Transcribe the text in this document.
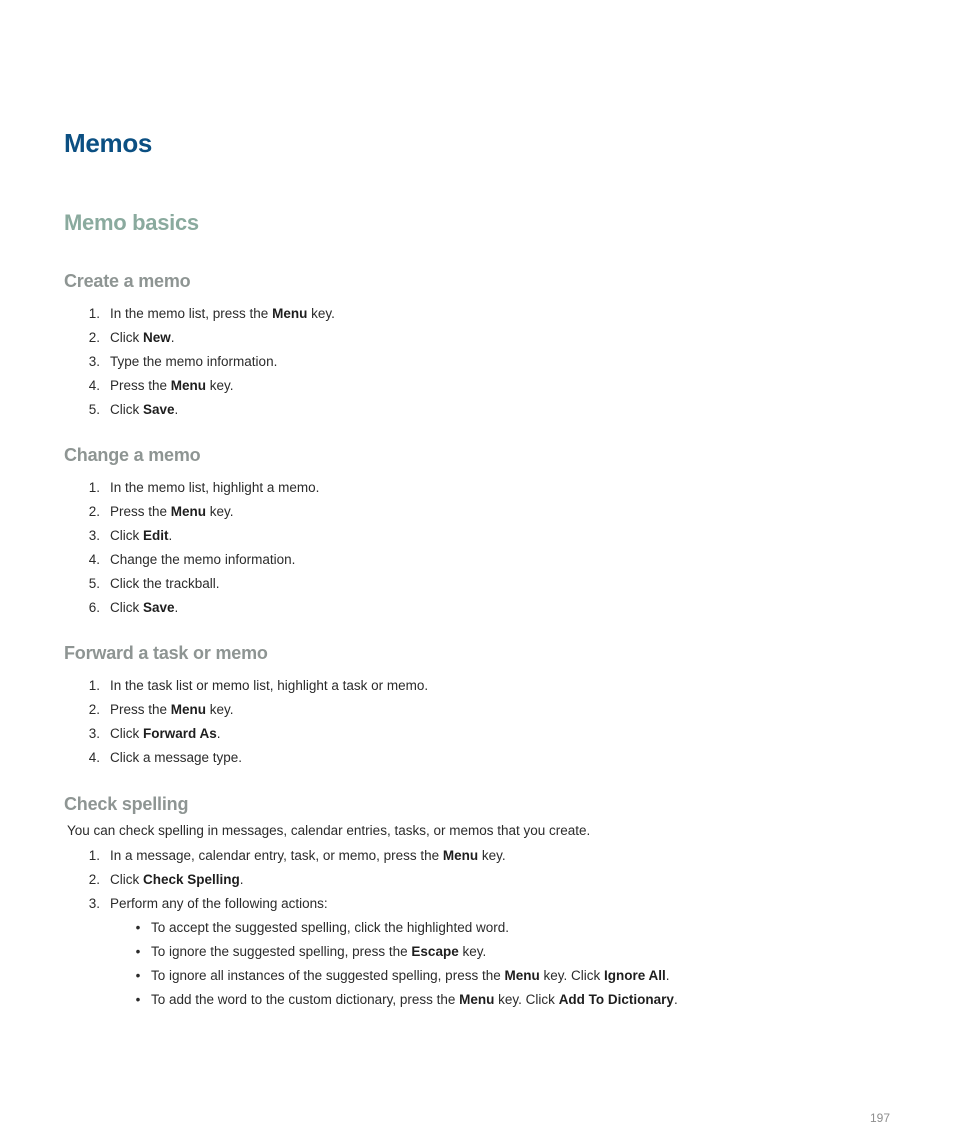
Memos
Memo basics
Create a memo
1. In the memo list, press the Menu key.
2. Click New.
3. Type the memo information.
4. Press the Menu key.
5. Click Save.
Change a memo
1. In the memo list, highlight a memo.
2. Press the Menu key.
3. Click Edit.
4. Change the memo information.
5. Click the trackball.
6. Click Save.
Forward a task or memo
1. In the task list or memo list, highlight a task or memo.
2. Press the Menu key.
3. Click Forward As.
4. Click a message type.
Check spelling

You can check spelling in messages, calendar entries, tasks, or memos that you create.

1. In a message, calendar entry, task, or memo, press the Menu key.
2. Click Check Spelling.
3. Perform any of the following actions:
• To accept the suggested spelling, click the highlighted word.
• To ignore the suggested spelling, press the Escape key.
• To ignore all instances of the suggested spelling, press the Menu key. Click Ignore All.
• To add the word to the custom dictionary, press the Menu key. Click Add To Dictionary.
197
